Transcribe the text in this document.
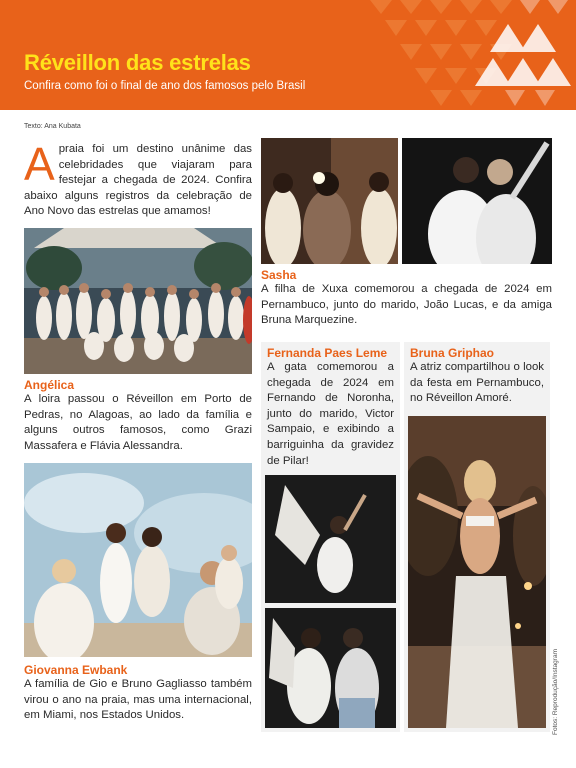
Réveillon das estrelas
Confira como foi o final de ano dos famosos pelo Brasil
Texto: Ana Kubata
A praia foi um destino unânime das celebridades que viajaram para festejar a chegada de 2024. Confira abaixo alguns registros da celebração de Ano Novo das estrelas que amamos!
Angélica
A loira passou o Réveillon em Porto de Pedras, no Alagoas, ao lado da família e alguns outros famosos, como Grazi Massafera e Flávia Alessandra.
Giovanna Ewbank
A família de Gio e Bruno Gagliasso também virou o ano na praia, mas uma internacional, em Miami, nos Estados Unidos.
Sasha
A filha de Xuxa comemorou a chegada de 2024 em Pernambuco, junto do marido, João Lucas, e da amiga Bruna Marquezine.
Fernanda Paes Leme
A gata comemorou a chegada de 2024 em Fernando de Noronha, junto do marido, Victor Sampaio, e exibindo a barriguinha da gravidez de Pilar!
Bruna Griphao
A atriz compartilhou o look da festa em Pernambuco, no Réveillon Amoré.
Fotos: Reprodução/Instagram
